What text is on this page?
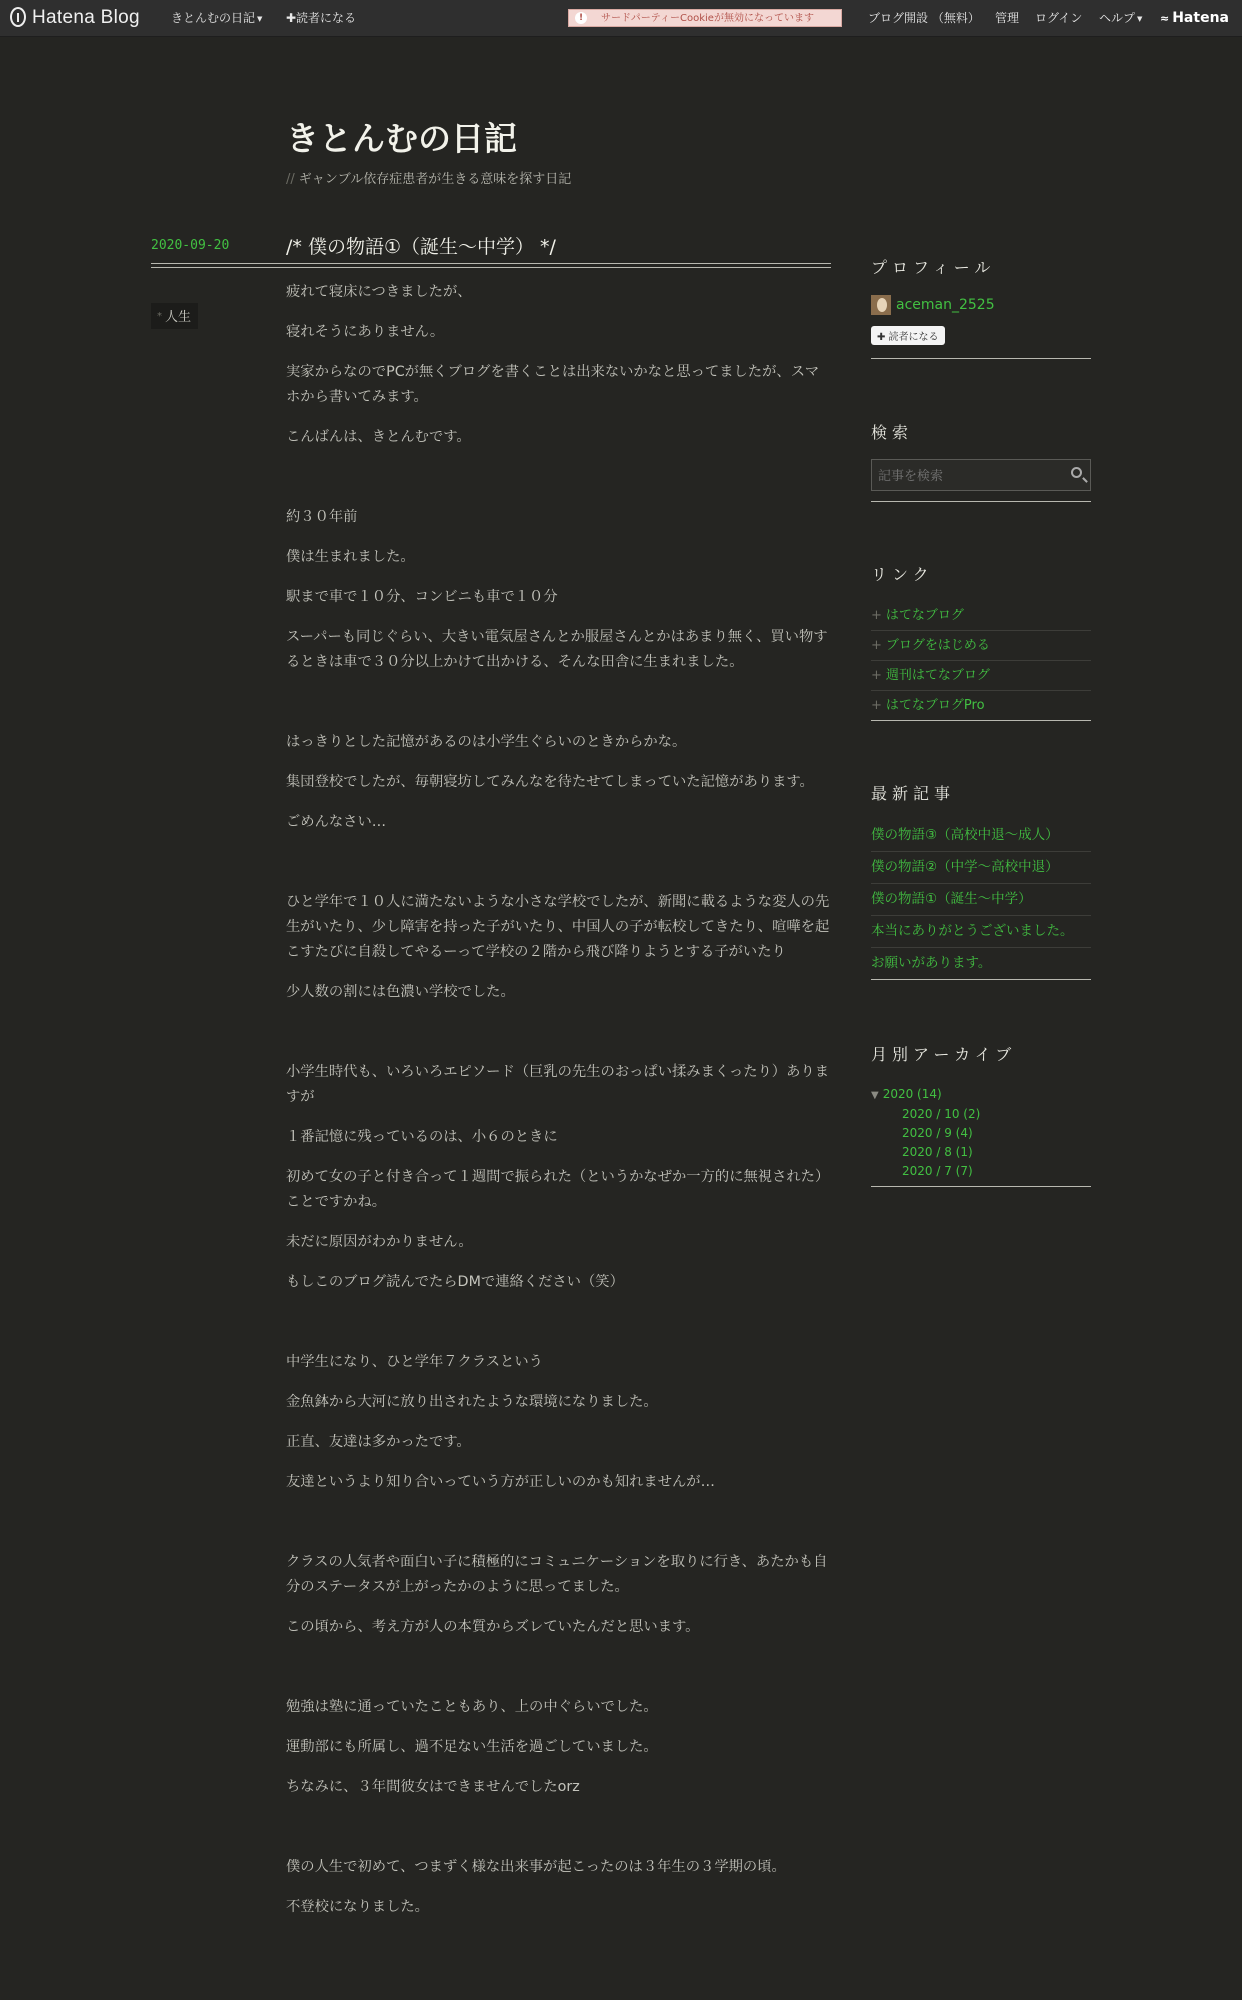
Hatena Blog	きとんむの日記 ▼ ✚読者になる	!	サードパーティーCookieが無効になっています	ブログ開設 （無料） 管理 ログイン ヘルプ ▼ ≈ Hatena
きとんむの日記
// ギャンブル依存症患者が生きる意味を探す日記
2020-09-20	/* 僕の物語①（誕生～中学） */
* 人生

疲れて寝床につきましたが、

寝れそうにありません。

実家からなのでPCが無くブログを書くことは出来ないかなと思ってましたが、スマホから書いてみます。

こんばんは、きとんむです。

約３０年前

僕は生まれました。

駅まで車で１０分、コンビニも車で１０分

スーパーも同じぐらい、大きい電気屋さんとか服屋さんとかはあまり無く、買い物するときは車で３０分以上かけて出かける、そんな田舎に生まれました。

はっきりとした記憶があるのは小学生ぐらいのときからかな。

集団登校でしたが、毎朝寝坊してみんなを待たせてしまっていた記憶があります。

ごめんなさい…

ひと学年で１０人に満たないような小さな学校でしたが、新聞に載るような変人の先生がいたり、少し障害を持った子がいたり、中国人の子が転校してきたり、喧嘩を起こすたびに自殺してやるーって学校の２階から飛び降りようとする子がいたり

少人数の割には色濃い学校でした。

小学生時代も、いろいろエピソード（巨乳の先生のおっぱい揉みまくったり）ありますが

１番記憶に残っているのは、小６のときに

初めて女の子と付き合って１週間で振られた（というかなぜか一方的に無視された）ことですかね。

未だに原因がわかりません。

もしこのブログ読んでたらDMで連絡ください（笑）

中学生になり、ひと学年７クラスという

金魚鉢から大河に放り出されたような環境になりました。

正直、友達は多かったです。

友達というより知り合いっていう方が正しいのかも知れませんが…

クラスの人気者や面白い子に積極的にコミュニケーションを取りに行き、あたかも自分のステータスが上がったかのように思ってました。

この頃から、考え方が人の本質からズレていたんだと思います。

勉強は塾に通っていたこともあり、上の中ぐらいでした。

運動部にも所属し、過不足ない生活を過ごしていました。

ちなみに、３年間彼女はできませんでしたorz

僕の人生で初めて、つまずく様な出来事が起こったのは３年生の３学期の頃。

不登校になりました。

プロフィール
aceman_2525
✚ 読者になる
検索
記事を検索
リンク
+ はてなブログ
+ ブログをはじめる
+ 週刊はてなブログ
+ はてなブログPro
最新記事
僕の物語③（高校中退～成人）
僕の物語②（中学～高校中退）
僕の物語①（誕生～中学）
本当にありがとうございました。
お願いがあります。
月別アーカイブ
▼ 2020 (14)
2020 / 10 (2)
2020 / 9 (4)
2020 / 8 (1)
2020 / 7 (7)
